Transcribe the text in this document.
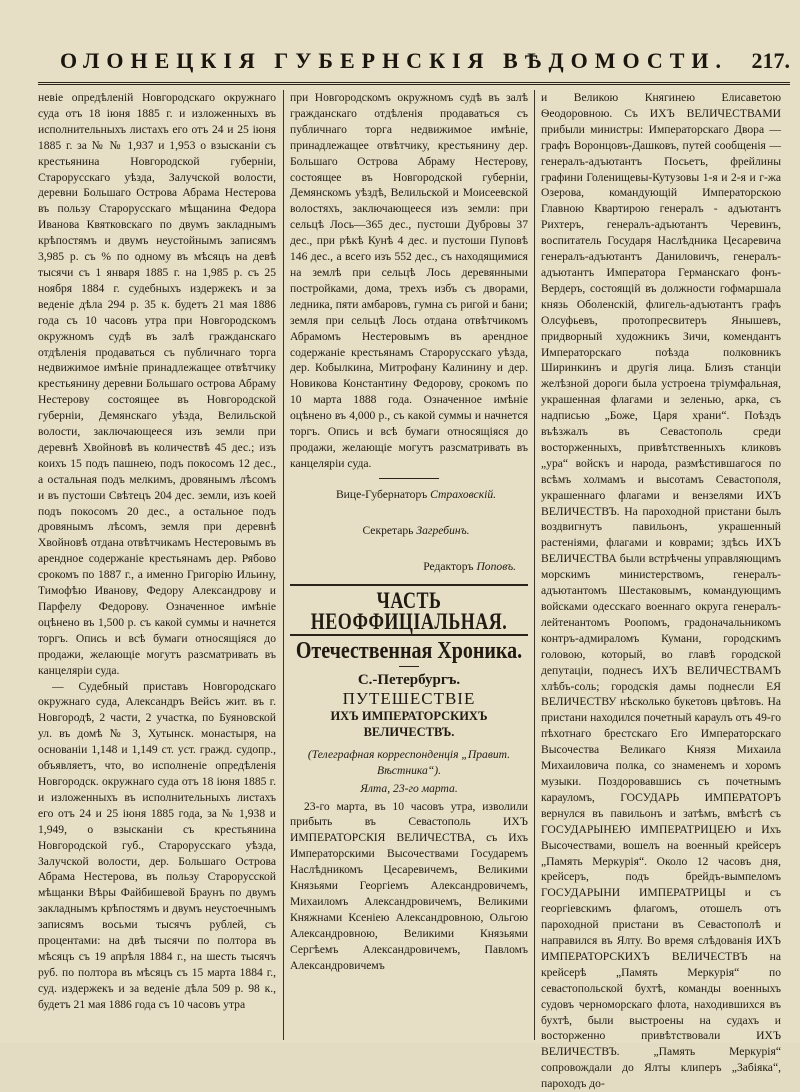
ОЛОНЕЦКIЯ ГУБЕРНСКIЯ ВѢДОМОСТИ.	217.

невіе опредѣленій Новгородскаго окружнаго суда отъ 18 іюня 1885 г. и изложенныхъ въ исполнительныхъ листахъ его отъ 24 и 25 іюня 1885 г. за № № 1,937 и 1,953 о взысканіи съ крестьянина Новгородской губерніи, Старорусскаго уѣзда, Залучской волости, деревни Большаго Острова Абрама Нестерова въ пользу Старорусскаго мѣщанина Федора Иванова Квятковскаго по двумъ закладнымъ крѣпостямъ и двумъ неустойнымъ записямъ 3,985 р. съ % по одному въ мѣсяцъ на девѣ тысячи съ 1 января 1885 г. на 1,985 р. съ 25 ноября 1884 г. судебныхъ издержекъ и за веденіе дѣла 294 р. 35 к. будетъ 21 мая 1886 года съ 10 часовъ утра при Новгородскомъ окружномъ судѣ въ залѣ гражданскаго отдѣленія продаваться съ публичнаго торга недвижимое имѣніе принадлежащее отвѣтчику крестьянину деревни Большаго острова Абраму Нестерову состоящее въ Новгородской губерніи, Демянскаго уѣзда, Велильской волости, заключающееся изъ земли при деревнѣ Хвойновѣ въ количествѣ 45 дес.; изъ коихъ 15 подъ пашнею, подъ покосомъ 12 дес., а остальная подъ мелкимъ, дровянымъ лѣсомъ и въ пустоши Свѣтецъ 204 дес. земли, изъ коей подъ покосомъ 20 дес., а остальное подъ дровянымъ лѣсомъ, земля при деревнѣ Хвойновѣ отдана отвѣтчикамъ Нестеровымъ въ арендное содержаніе крестьянамъ дер. Рябово срокомъ по 1887 г., а именно Григорію Ильину, Тимофѣю Иванову, Федору Александрову и Парфелу Федорову. Означенное имѣніе оцѣнено въ 1,500 р. съ какой суммы и начнется торгъ. Опись и всѣ бумаги относящіяся до продажи, желающіе могутъ разсматривать въ канцеляріи суда.

— Судебный приставъ Новгородскаго окружнаго суда, Александръ Вейсъ жит. въ г. Новгородѣ, 2 части, 2 участка, по Буяновской ул. въ домѣ № 3, Хутынск. монастыря, на основаніи 1,148 и 1,149 ст. уст. гражд. судопр., объявляетъ, что, во исполненіе опредѣленія Новгородск. окружнаго суда отъ 18 іюня 1885 г. и изложенныхъ въ исполнительныхъ листахъ его отъ 24 и 25 іюня 1885 года, за № 1,938 и 1,949, о взысканіи съ крестьянина Новгородской губ., Старорусскаго уѣзда, Залучской волости, дер. Большаго Острова Абрама Нестерова, въ пользу Старорусской мѣщанки Вѣры Файбишевой Браунъ по двумъ закладнымъ крѣпостямъ и двумъ неустоечнымъ записямъ восьми тысячъ рублей, съ процентами: на двѣ тысячи по полтора въ мѣсяцъ съ 19 апрѣля 1884 г., на шесть тысячъ руб. по полтора въ мѣсяцъ съ 15 марта 1884 г., суд. издержекъ и за веденіе дѣла 509 р. 98 к., будетъ 21 мая 1886 года съ 10 часовъ утра

при Новгородскомъ окружномъ судѣ въ залѣ гражданскаго отдѣленія продаваться съ публичнаго торга недвижимое имѣніе, принадлежащее отвѣтчику, крестьянину дер. Большаго Острова Абраму Нестерову, состоящее въ Новгородской губерніи, Демянскомъ уѣздѣ, Велильской и Моисеевской волостяхъ, заключающееся изъ земли: при сельцѣ Лось—365 дес., пустоши Дубровы 37 дес., при рѣкѣ Кунѣ 4 дес. и пустоши Пуповѣ 146 дес., а всего изъ 552 дес., съ находящимися на землѣ при сельцѣ Лось деревянными постройками, дома, трехъ избъ съ дворами, ледника, пяти амбаровъ, гумна съ ригой и бани; земля при сельцѣ Лось отдана отвѣтчикомъ Абрамомъ Нестеровымъ въ арендное содержаніе крестьянамъ Старорусскаго уѣзда, дер. Кобылкина, Митрофану Калинину и дер. Новикова Константину Федорову, срокомъ по 10 марта 1888 года. Означенное имѣніе оцѣнено въ 4,000 р., съ какой суммы и начнется торгъ. Опись и всѣ бумаги относящіяся до продажи, желающіе могутъ разсматривать въ канцеляріи суда.

Вице-Губернаторъ Страховскій.

Секретарь Загребинъ.

Редакторъ Поповъ.

ЧАСТЬ НЕОФФИЦІАЛЬНАЯ.
Отечественная Хроника.
С.-Петербургъ.
ПУТЕШЕСТВІЕ
ИХЪ ИМПЕРАТОРСКИХЪ ВЕЛИЧЕСТВЪ.
(Телеграфная корреспонденція „Правит. Вѣстника“).
Ялта, 23-го марта.

23-го марта, въ 10 часовъ утра, изволили прибыть въ Севастополь ИХЪ ИМПЕРАТОРСКІЯ ВЕЛИЧЕСТВА, съ Ихъ Императорскими Высочествами Государемъ Наслѣдникомъ Цесаревичемъ, Великими Князьями Георгіемъ Александровичемъ, Михаиломъ Александровичемъ, Великими Княжнами Ксеніею Александровною, Ольгою Александровною, Великими Князьями Сергѣемъ Александровичемъ, Павломъ Александровичемъ

и Великою Княгинею Елисаветою Ѳеодоровною. Съ ИХЪ ВЕЛИЧЕСТВАМИ прибыли министры: Императорскаго Двора — графъ Воронцовъ-Дашковъ, путей сообщенія — генералъ-адъютантъ Посьетъ, фрейлины графини Голенищевы-Кутузовы 1-я и 2-я и г-жа Озерова, командующій Императорскою Главною Квартирою генералъ - адъютантъ Рихтеръ, генералъ-адъютантъ Черевинъ, воспитатель Государя Наслѣдника Цесаревича генералъ-адъютантъ Даниловичъ, генералъ-адъютантъ Императора Германскаго фонъ-Вердеръ, состоящій въ должности гофмаршала князь Оболенскій, флигель-адъютантъ графъ Олсуфьевъ, протопресвитеръ Янышевъ, придворный художникъ Зичи, комендантъ Императорскаго поѣзда полковникъ Ширинкинъ и другія лица. Близъ станціи желѣзной дороги была устроена тріумфальная, украшенная флагами и зеленью, арка, съ надписью „Боже, Царя храни“. Поѣздъ въѣзжалъ въ Севастополь среди восторженныхъ, привѣтственныхъ кликовъ „ура“ войскъ и народа, размѣстившагося по всѣмъ холмамъ и высотамъ Севастополя, украшеннаго флагами и вензелями ИХЪ ВЕЛИЧЕСТВЪ. На пароходной пристани былъ воздвигнутъ павильонъ, украшенный растеніями, флагами и коврами; здѣсь ИХЪ ВЕЛИЧЕСТВА были встрѣчены управляющимъ морскимъ министерствомъ, генералъ-адъютантомъ Шестаковымъ, командующимъ войсками одесскаго военнаго округа генералъ-лейтенантомъ Роопомъ, градоначальникомъ контръ-адмираломъ Кумани, городскимъ головою, который, во главѣ городской депутаціи, поднесъ ИХЪ ВЕЛИЧЕСТВАМЪ хлѣбъ-соль; городскія дамы поднесли ЕЯ ВЕЛИЧЕСТВУ нѣсколько букетовъ цвѣтовъ. На пристани находился почетный караулъ отъ 49-го пѣхотнаго брестскаго Его Императорскаго Высочества Великаго Князя Михаила Михаиловича полка, со знаменемъ и хоромъ музыки. Поздоровавшись съ почетнымъ карауломъ, ГОСУДАРЬ ИМПЕРАТОРЪ вернулся въ павильонъ и затѣмъ, вмѣстѣ съ ГОСУДАРЫНЕЮ ИМПЕРАТРИЦЕЮ и Ихъ Высочествами, вошелъ на военный крейсеръ „Память Меркурія“. Около 12 часовъ дня, крейсеръ, подъ брейдъ-вымпеломъ ГОСУДАРЫНИ ИМПЕРАТРИЦЫ и съ георгіевскимъ флагомъ, отошелъ отъ пароходной пристани въ Севастополѣ и направился въ Ялту. Во время слѣдованія ИХЪ ИМПЕРАТОРСКИХЪ ВЕЛИЧЕСТВЪ на крейсерѣ „Память Меркурія“ по севастопольской бухтѣ, команды военныхъ судовъ черноморскаго флота, находившихся въ бухтѣ, были выстроены на судахъ и восторженно привѣтствовали ИХЪ ВЕЛИЧЕСТВЪ. „Память Меркурія“ сопровождали до Ялты клиперъ „Забіяка“, пароходъ до-
